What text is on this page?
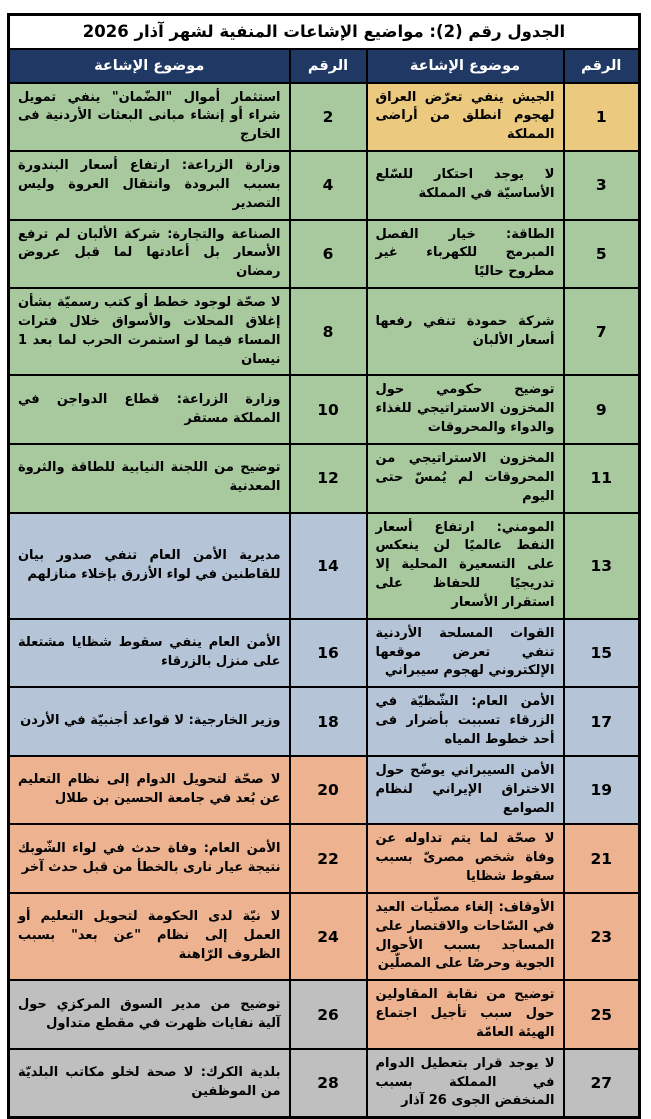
الجدول رقم (2): مواضيع الإشاعات المنفية لشهر آذار 2026			
الرقم	موضوع الإشاعة	الرقم	موضوع الإشاعة
1	الجيش ينفي تعرّض العراق لهجوم انطلق من أراضى المملكة	2	استثمار أموال "الضّمان" ينفي تمويل شراء أو إنشاء مبانى البعثات الأردنية فى الخارج
3	لا يوجد احتكار للسّلع الأساسيّة في المملكة	4	وزارة الزراعة: ارتفاع أسعار البندورة بسبب البرودة وانتقال العروة وليس التصدير
5	الطاقة: خيار الفصل المبرمج للكهرباء غير مطروح حاليًا	6	الصناعة والتجارة: شركة الألبان لم ترفع الأسعار بل أعادتها لما قبل عروض رمضان
7	شركة حمودة تنفي رفعها أسعار الألبان	8	لا صحّة لوجود خطط أو كتب رسميّة بشأن إغلاق المحلات والأسواق خلال فترات المساء فيما لو استمرت الحرب لما بعد 1 نيسان
9	توضيح حكومي حول المخزون الاستراتيجي للغذاء والدواء والمحروقات	10	وزارة الزراعة: قطاع الدواجن في المملكة مستقر
11	المخزون الاستراتيجي من المحروقات لم يُمسّ حتى اليوم	12	توضيح من اللجنة النيابية للطاقة والثروة المعدنية
13	المومني: ارتفاع أسعار النفط عالميًا لن ينعكس على التسعيرة المحلية إلا تدريجيًا للحفاظ على استقرار الأسعار	14	مديرية الأمن العام تنفي صدور بيان للقاطنين في لواء الأزرق بإخلاء منازلهم
15	القوات المسلحة الأردنية تنفي تعرض موقعها الإلكتروني لهجوم سيبراني	16	الأمن العام ينفي سقوط شظايا مشتعلة على منزل بالزرقاء
17	الأمن العام: الشّظيّة في الزرقاء تسببت بأضرار فى أحد خطوط المياه	18	وزير الخارجية: لا قواعد أجنبيّة في الأردن
19	الأمن السيبراني يوضّح حول الاختراق الإيراني لنظام الصوامع	20	لا صحّة لتحويل الدوام إلى نظام التعليم عن بُعد في جامعة الحسين بن طلال
21	لا صحّة لما يتم تداوله عن وفاة شخص مصرىّ بسبب سقوط شظايا	22	الأمن العام: وفاة حدث في لواء الشّوبك نتيجة عيار نارى بالخطأ من قبل حدث آخر
23	الأوقاف: إلغاء مصلّيات العيد في السّاحات والاقتصار على المساجد بسبب الأحوال الجوية وحرصًا على المصلّين	24	لا نيّة لدى الحكومة لتحويل التعليم أو العمل إلى نظام "عن بعد" بسبب الظروف الرّاهنة
25	توضيح من نقابة المقاولين حول سبب تأجيل اجتماع الهيئة العامّة	26	توضيح من مدير السوق المركزي حول آلية نفايات ظهرت في مقطع متداول
27	لا يوجد قرار بتعطيل الدوام في المملكة بسبب المنخفض الجوى 26 آذار	28	بلدية الكرك: لا صحة لخلو مكاتب البلديّة من الموظفين
